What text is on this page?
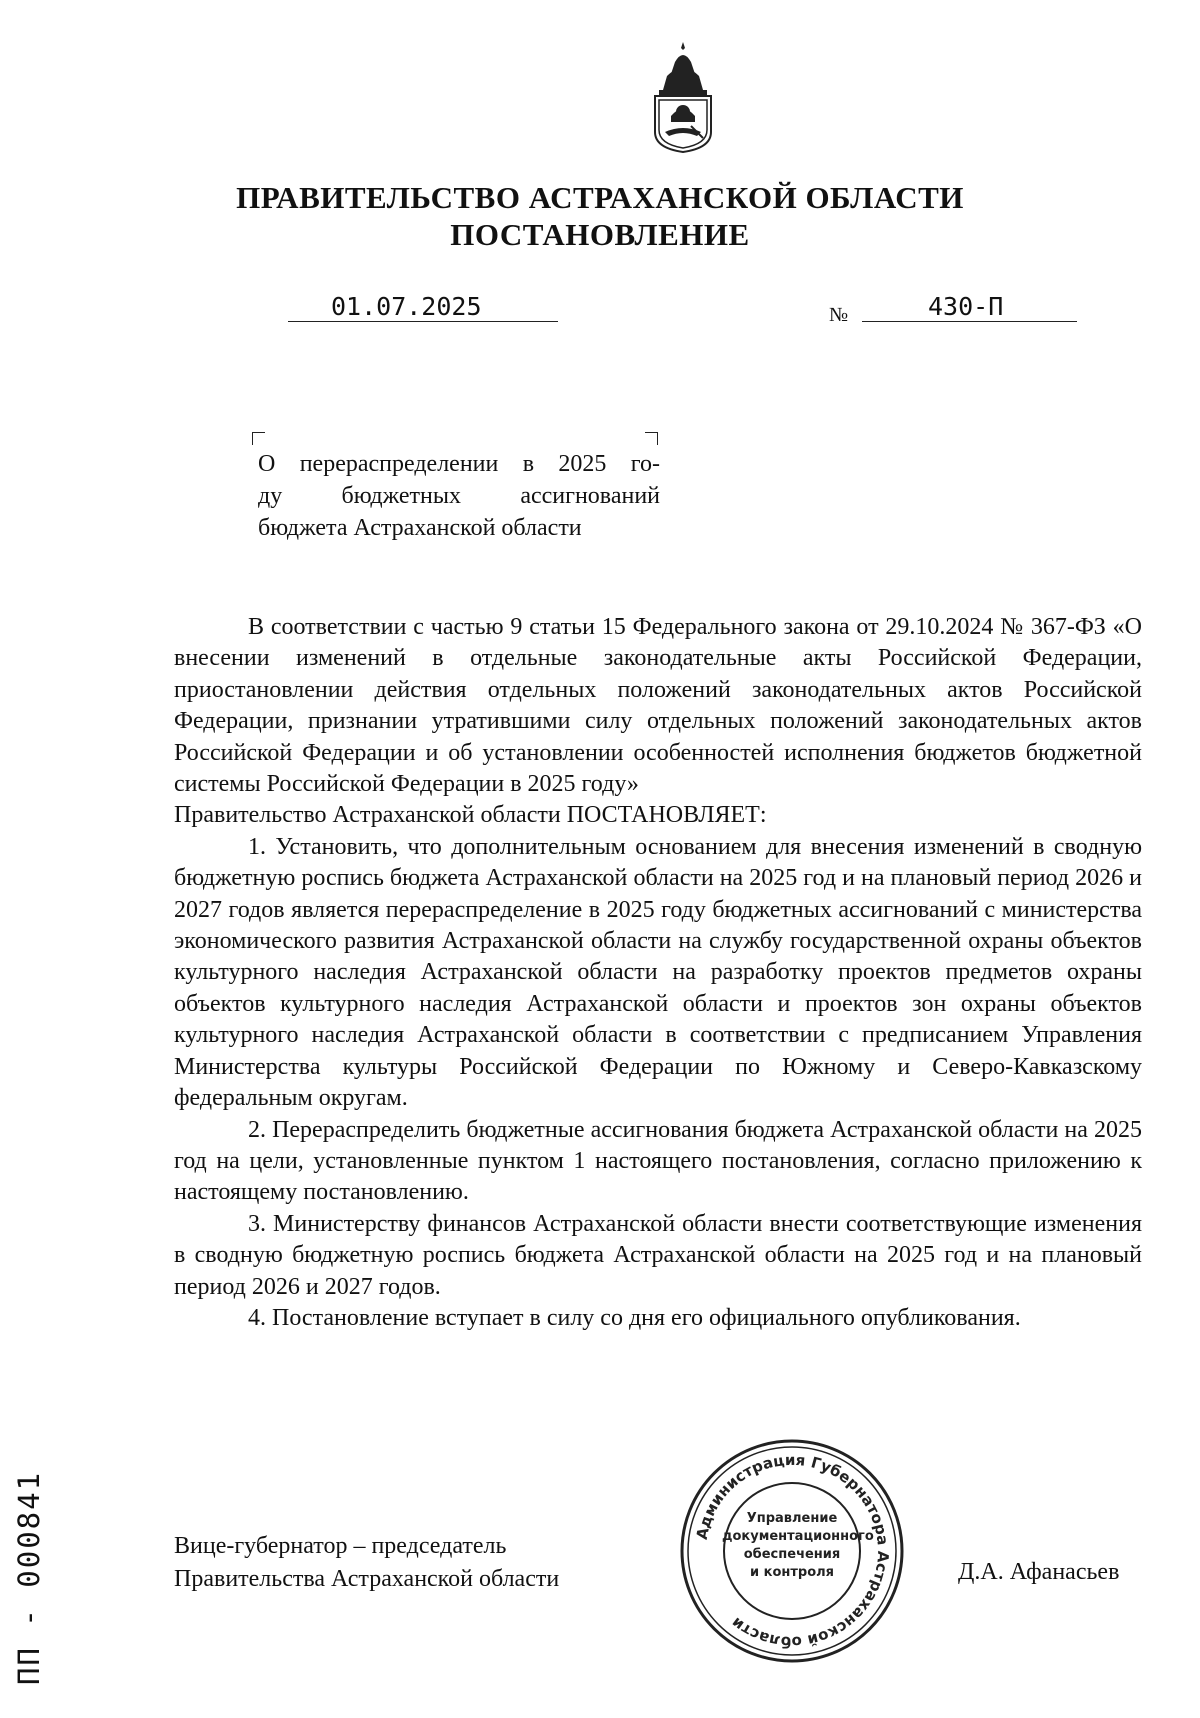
ПРАВИТЕЛЬСТВО АСТРАХАНСКОЙ ОБЛАСТИ
ПОСТАНОВЛЕНИЕ
01.07.2025	№	430-П
О перераспределении в 2025 го-
ду бюджетных ассигнований
бюджета Астраханской области

В соответствии с частью 9 статьи 15 Федерального закона от 29.10.2024 № 367-ФЗ «О внесении изменений в отдельные законодательные акты Российской Федерации, приостановлении действия отдельных положений законодательных актов Российской Федерации, признании утратившими силу отдельных положений законодательных актов Российской Федерации и об установлении особенностей исполнения бюджетов бюджетной системы Российской Федерации в 2025 году»

Правительство Астраханской области ПОСТАНОВЛЯЕТ:

1. Установить, что дополнительным основанием для внесения изменений в сводную бюджетную роспись бюджета Астраханской области на 2025 год и на плановый период 2026 и 2027 годов является перераспределение в 2025 году бюджетных ассигнований с министерства экономического развития Астраханской области на службу государственной охраны объектов культурного наследия Астраханской области на разработку проектов предметов охраны объектов культурного наследия Астраханской области и проектов зон охраны объектов культурного наследия Астраханской области в соответствии с предписанием Управления Министерства культуры Российской Федерации по Южному и Северо-Кавказскому федеральным округам.

2. Перераспределить бюджетные ассигнования бюджета Астраханской области на 2025 год на цели, установленные пунктом 1 настоящего постановления, согласно приложению к настоящему постановлению.

3. Министерству финансов Астраханской области внести соответствующие изменения в сводную бюджетную роспись бюджета Астраханской области на 2025 год и на плановый период 2026 и 2027 годов.

4. Постановление вступает в силу со дня его официального опубликования.

Вице-губернатор – председатель
Правительства Астраханской области	Д.А. Афанасьев
Администрация Губернатора Астраханской области
Управление
документационного
обеспечения
и контроля
ПП - 000841
